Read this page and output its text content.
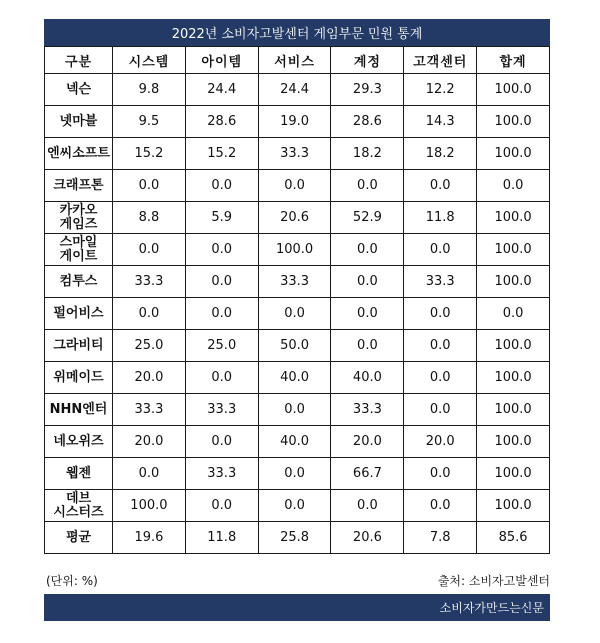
2022년 소비자고발센터 게임부문 민원 통계
구분	시스템	아이템	서비스	계정	고객센터	합계

넥슨	9.8	24.4	24.4	29.3	12.2	100.0

넷마블	9.5	28.6	19.0	28.6	14.3	100.0

엔씨소프트	15.2	15.2	33.3	18.2	18.2	100.0

크래프톤	0.0	0.0	0.0	0.0	0.0	0.0

카카오
게임즈	8.8	5.9	20.6	52.9	11.8	100.0

스마일
게이트	0.0	0.0	100.0	0.0	0.0	100.0

컴투스	33.3	0.0	33.3	0.0	33.3	100.0

펄어비스	0.0	0.0	0.0	0.0	0.0	0.0

그라비티	25.0	25.0	50.0	0.0	0.0	100.0

위메이드	20.0	0.0	40.0	40.0	0.0	100.0

NHN엔터	33.3	33.3	0.0	33.3	0.0	100.0

네오위즈	20.0	0.0	40.0	20.0	20.0	100.0

웹젠	0.0	33.3	0.0	66.7	0.0	100.0

데브
시스터즈	100.0	0.0	0.0	0.0	0.0	100.0

평균	19.6	11.8	25.8	20.6	7.8	85.6
(단위: %)	출처: 소비자고발센터
소비자가만드는신문
